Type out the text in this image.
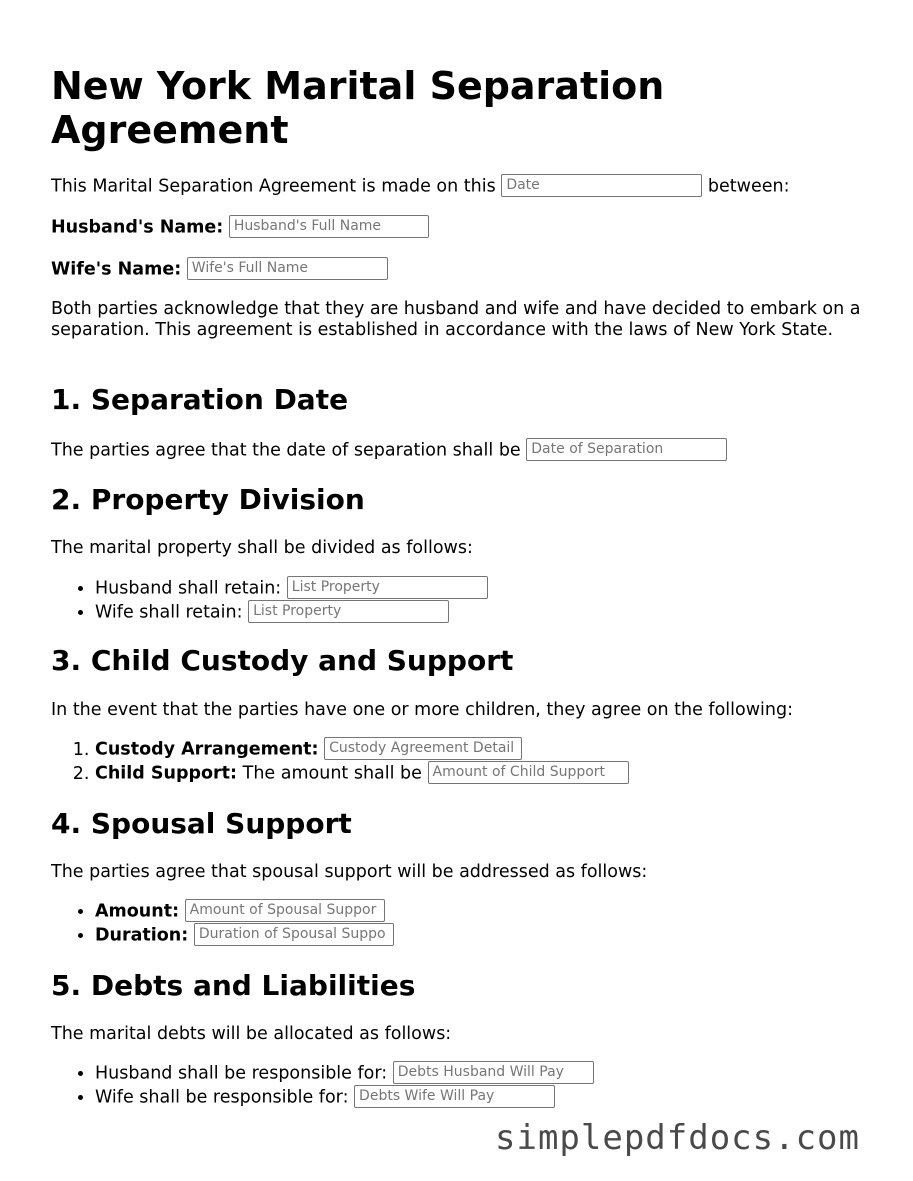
New York Marital Separation Agreement

This Marital Separation Agreement is made on this Date	between:

Husband's Name: Husband's Full Name

Wife's Name: Wife's Full Name

Both parties acknowledge that they are husband and wife and have decided to embark on a separation. This agreement is established in accordance with the laws of New York State.

1. Separation Date

The parties agree that the date of separation shall be Date of Separation

2. Property Division

The marital property shall be divided as follows:

• Husband shall retain: List Property
• Wife shall retain: List Property
3. Child Custody and Support

In the event that the parties have one or more children, they agree on the following:

1. Custody Arrangement: Custody Agreement Detail
2. Child Support: The amount shall be Amount of Child Support
4. Spousal Support

The parties agree that spousal support will be addressed as follows:

• Amount: Amount of Spousal Suppor
• Duration: Duration of Spousal Suppo
5. Debts and Liabilities

The marital debts will be allocated as follows:

• Husband shall be responsible for: Debts Husband Will Pay
• Wife shall be responsible for: Debts Wife Will Pay
simplepdfdocs.com
